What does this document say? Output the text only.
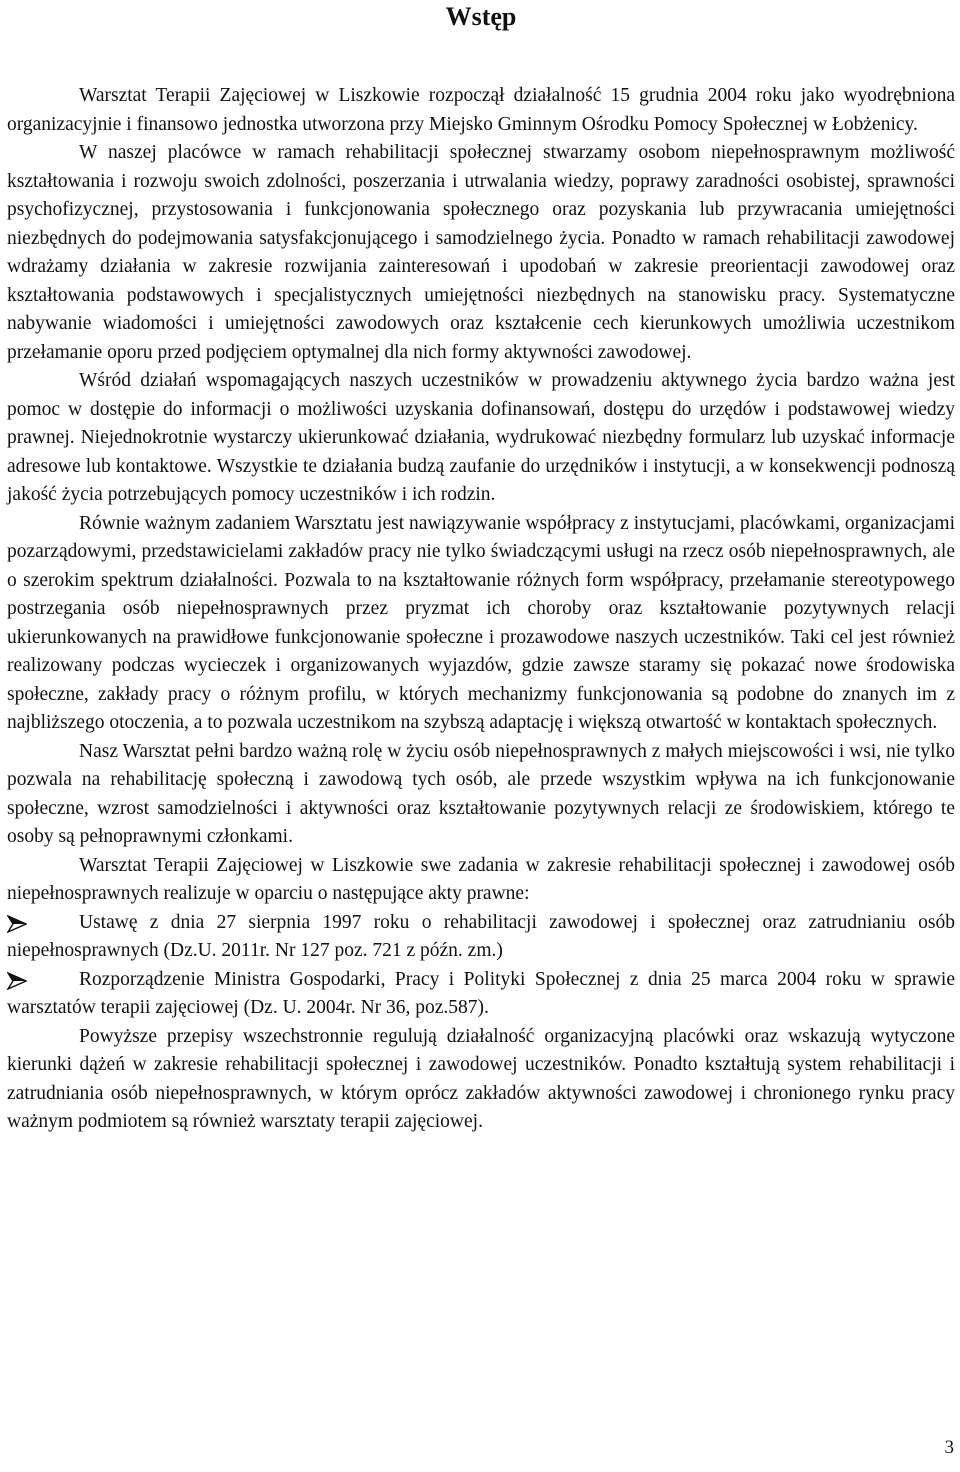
Wstęp

Warsztat Terapii Zajęciowej w Liszkowie rozpoczął działalność 15 grudnia 2004 roku jako wyodrębniona organizacyjnie i finansowo jednostka utworzona przy Miejsko Gminnym Ośrodku Pomocy Społecznej w Łobżenicy.

W naszej placówce w ramach rehabilitacji społecznej stwarzamy osobom niepełnosprawnym możliwość kształtowania i rozwoju swoich zdolności, poszerzania i utrwalania wiedzy, poprawy zaradności osobistej, sprawności psychofizycznej, przystosowania i funkcjonowania społecznego oraz pozyskania lub przywracania umiejętności niezbędnych do podejmowania satysfakcjonującego i samodzielnego życia. Ponadto w ramach rehabilitacji zawodowej wdrażamy działania w zakresie rozwijania zainteresowań i upodobań w zakresie preorientacji zawodowej oraz kształtowania podstawowych i specjalistycznych umiejętności niezbędnych na stanowisku pracy. Systematyczne nabywanie wiadomości i umiejętności zawodowych oraz kształcenie cech kierunkowych umożliwia uczestnikom przełamanie oporu przed podjęciem optymalnej dla nich formy aktywności zawodowej.

Wśród działań wspomagających naszych uczestników w prowadzeniu aktywnego życia bardzo ważna jest pomoc w dostępie do informacji o możliwości uzyskania dofinansowań, dostępu do urzędów i podstawowej wiedzy prawnej. Niejednokrotnie wystarczy ukierunkować działania, wydrukować niezbędny formularz lub uzyskać informacje adresowe lub kontaktowe. Wszystkie te działania budzą zaufanie do urzędników i instytucji, a w konsekwencji podnoszą jakość życia potrzebujących pomocy uczestników i ich rodzin.

Równie ważnym zadaniem Warsztatu jest nawiązywanie współpracy z instytucjami, placówkami, organizacjami pozarządowymi, przedstawicielami zakładów pracy nie tylko świadczącymi usługi na rzecz osób niepełnosprawnych, ale o szerokim spektrum działalności. Pozwala to na kształtowanie różnych form współpracy, przełamanie stereotypowego postrzegania osób niepełnosprawnych przez pryzmat ich choroby oraz kształtowanie pozytywnych relacji ukierunkowanych na prawidłowe funkcjonowanie społeczne i prozawodowe naszych uczestników. Taki cel jest również realizowany podczas wycieczek i organizowanych wyjazdów, gdzie zawsze staramy się pokazać nowe środowiska społeczne, zakłady pracy o różnym profilu, w których mechanizmy funkcjonowania są podobne do znanych im z najbliższego otoczenia, a to pozwala uczestnikom na szybszą adaptację i większą otwartość w kontaktach społecznych.

Nasz Warsztat pełni bardzo ważną rolę w życiu osób niepełnosprawnych z małych miejscowości i wsi, nie tylko pozwala na rehabilitację społeczną i zawodową tych osób, ale przede wszystkim wpływa na ich funkcjonowanie społeczne, wzrost samodzielności i aktywności oraz kształtowanie pozytywnych relacji ze środowiskiem, którego te osoby są pełnoprawnymi członkami.

Warsztat Terapii Zajęciowej w Liszkowie swe zadania w zakresie rehabilitacji społecznej i zawodowej osób niepełnosprawnych realizuje w oparciu o następujące akty prawne:

Ustawę z dnia 27 sierpnia 1997 roku o rehabilitacji zawodowej i społecznej oraz zatrudnianiu osób niepełnosprawnych (Dz.U. 2011r. Nr 127 poz. 721 z późn. zm.)
Rozporządzenie Ministra Gospodarki, Pracy i Polityki Społecznej z dnia 25 marca 2004 roku w sprawie warsztatów terapii zajęciowej (Dz. U. 2004r. Nr 36, poz.587).

Powyższe przepisy wszechstronnie regulują działalność organizacyjną placówki oraz wskazują wytyczone kierunki dążeń w zakresie rehabilitacji społecznej i zawodowej uczestników. Ponadto kształtują system rehabilitacji i zatrudniania osób niepełnosprawnych, w którym oprócz zakładów aktywności zawodowej i chronionego rynku pracy ważnym podmiotem są również warsztaty terapii zajęciowej.

3
